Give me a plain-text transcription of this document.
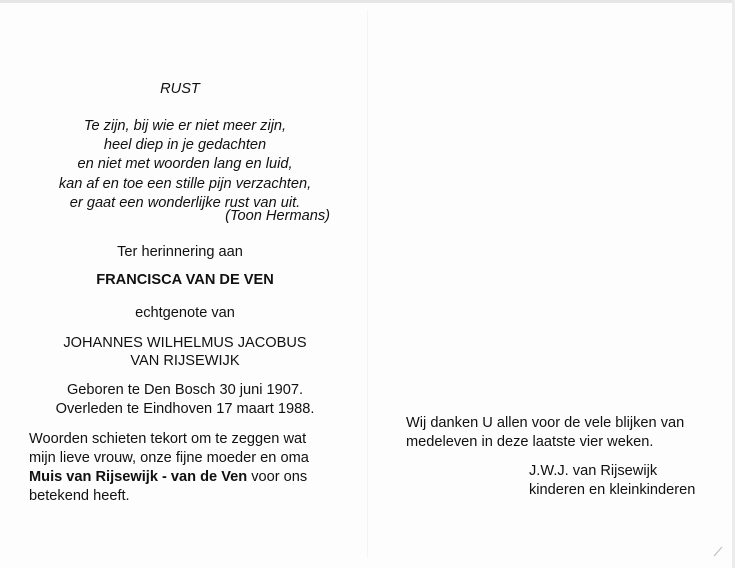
RUST
Te zijn, bij wie er niet meer zijn,
heel diep in je gedachten
en niet met woorden lang en luid,
kan af en toe een stille pijn verzachten,
er gaat een wonderlijke rust van uit.
(Toon Hermans)
Ter herinnering aan
FRANCISCA VAN DE VEN
echtgenote van
JOHANNES WILHELMUS JACOBUS
VAN RIJSEWIJK
Geboren te Den Bosch 30 juni 1907.
Overleden te Eindhoven 17 maart 1988.
Woorden schieten tekort om te zeggen wat
mijn lieve vrouw, onze fijne moeder en oma
Muis van Rijsewijk - van de Ven voor ons
betekend heeft.
Wij danken U allen voor de vele blijken van
medeleven in deze laatste vier weken.
J.W.J. van Rijsewijk
kinderen en kleinkinderen
